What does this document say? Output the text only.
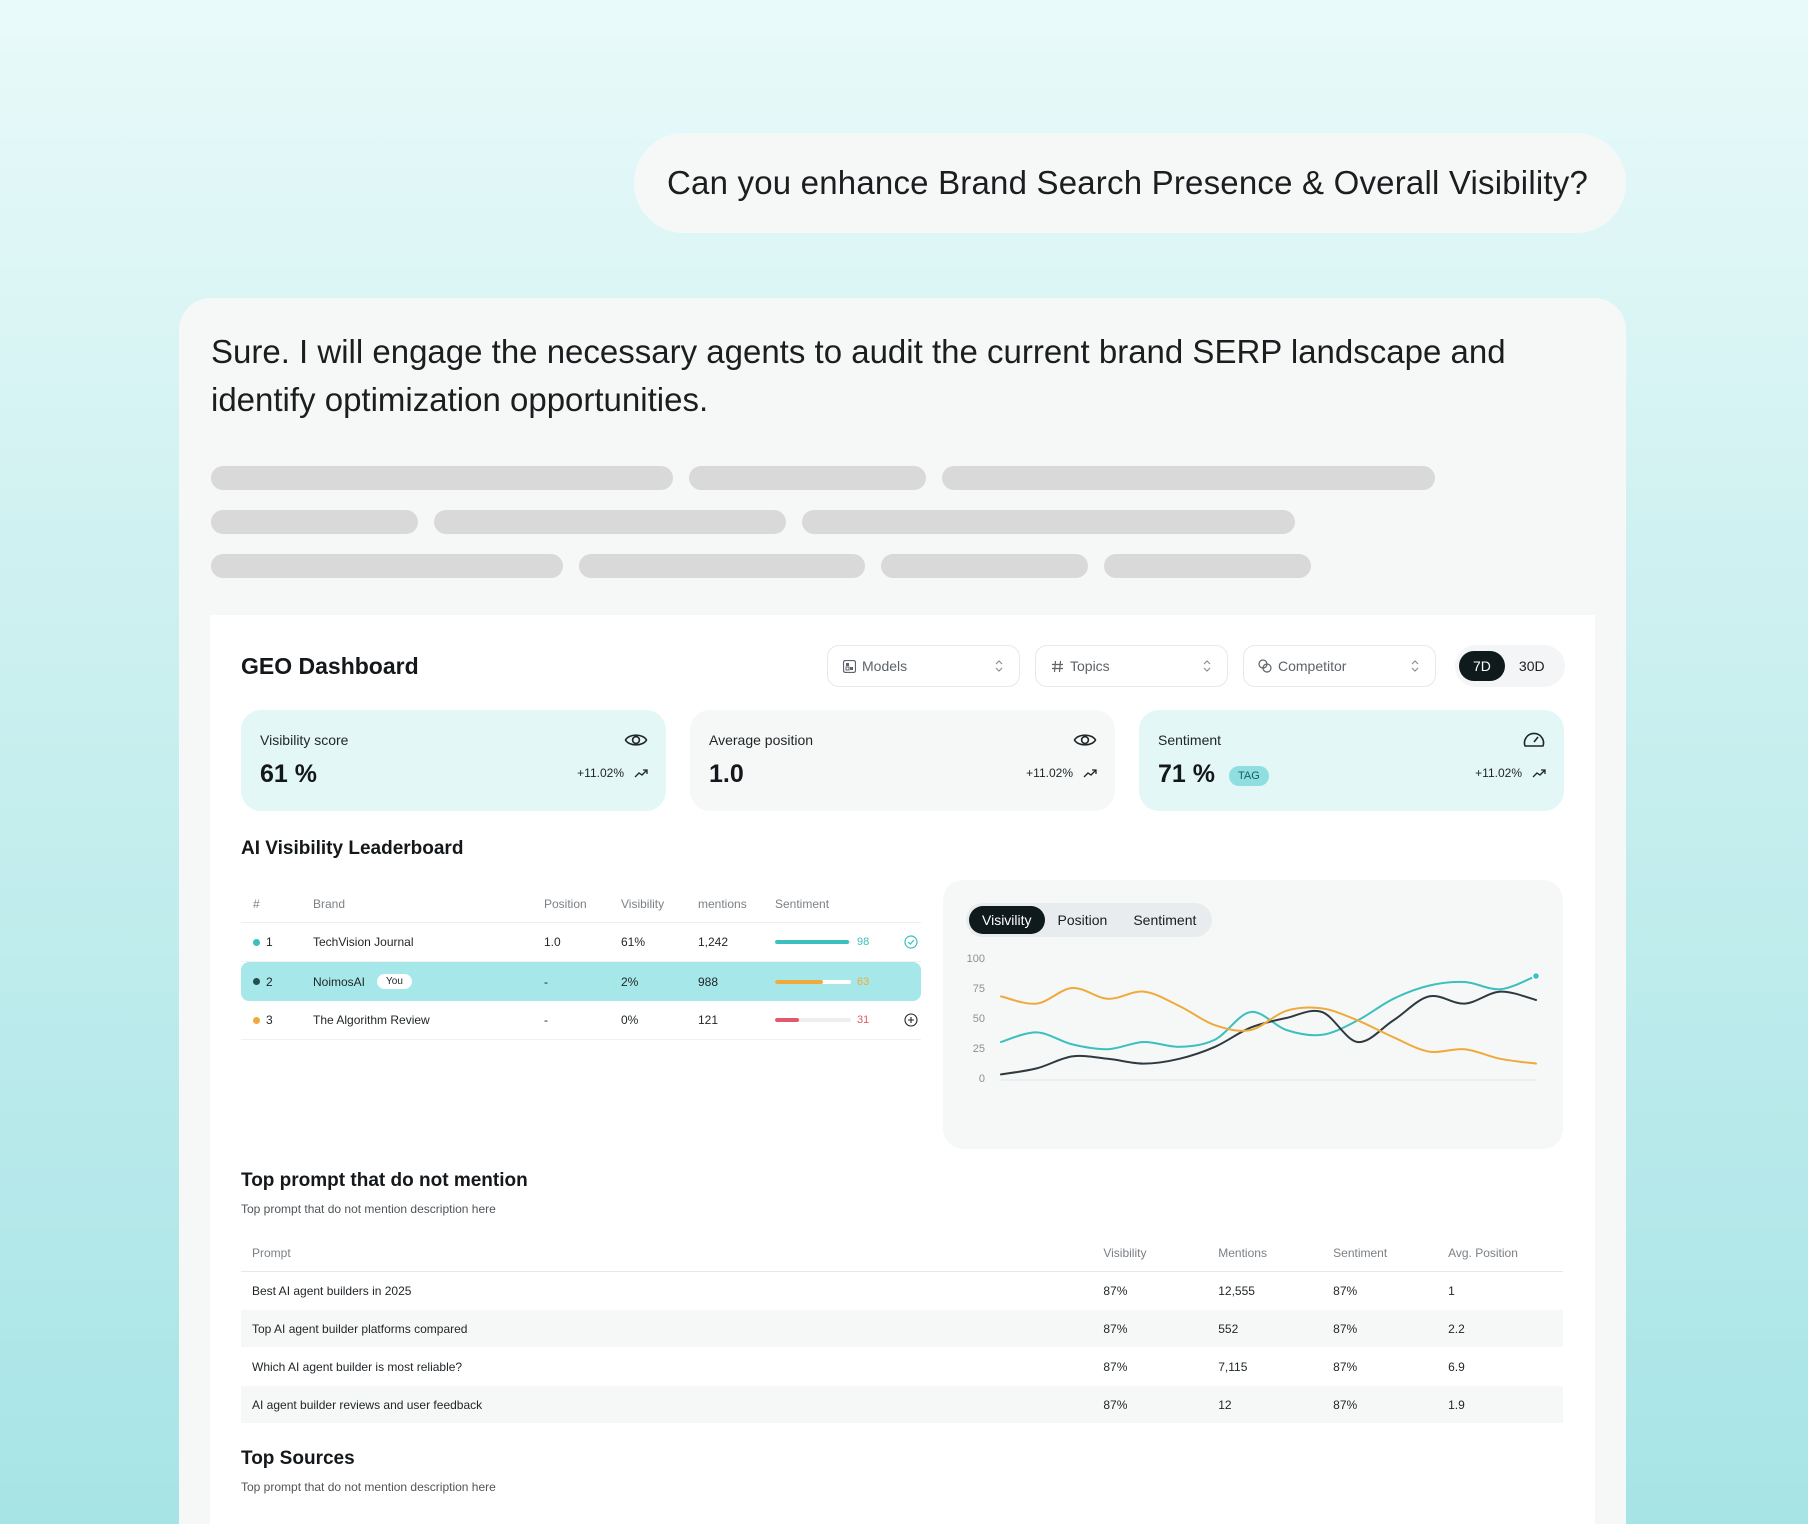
Can you enhance Brand Search Presence & Overall Visibility?
Sure. I will engage the necessary agents to audit the current brand SERP landscape and identify optimization opportunities.
GEO Dashboard	Models	Topics	Competitor	7D	30D
Visibility score
61 %	+11.02%
Average position
1.0	+11.02%
Sentiment
71 %	TAG	+11.02%
AI Visibility Leaderboard
#	Brand	Position	Visibility	mentions	Sentiment
1	TechVision Journal	1.0	61%	1,242	98
2	NoimosAI	You	-	2%	988	63
3	The Algorithm Review	-	0%	121	31
Visivility	Position	Sentiment
100
75
50
25
0
Top prompt that do not mention
Top prompt that do not mention description here
Prompt	Visibility	Mentions	Sentiment	Avg. Position
Best AI agent builders in 2025	87%	12,555	87%	1
Top AI agent builder platforms compared	87%	552	87%	2.2
Which AI agent builder is most reliable?	87%	7,115	87%	6.9
AI agent builder reviews and user feedback	87%	12	87%	1.9
Top Sources
Top prompt that do not mention description here
